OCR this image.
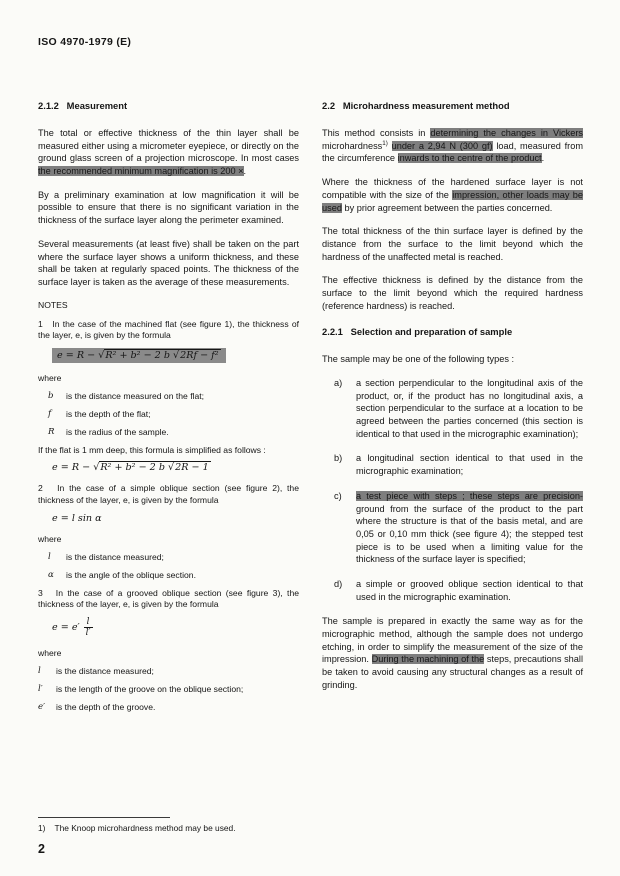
ISO 4970-1979 (E)
2.1.2   Measurement

The total or effective thickness of the thin layer shall be measured either using a micrometer eyepiece, or directly on the ground glass screen of a projection microscope. In most cases the recommended minimum magnification is 200 ×.

By a preliminary examination at low magnification it will be possible to ensure that there is no significant variation in the thickness of the surface layer along the perimeter examined.

Several measurements (at least five) shall be taken on the part where the surface layer shows a uniform thickness, and these shall be taken at regularly spaced points. The thickness of the surface layer is taken as the average of these measurements.

NOTES

1   In the case of the machined flat (see figure 1), the thickness of the layer, e, is given by the formula

e = R − √R² + b² − 2 b √2Rf − f²
where
b	is the distance measured on the flat;
f	is the depth of the flat;
R	is the radius of the sample.

If the flat is 1 mm deep, this formula is simplified as follows :

e = R − √R² + b² − 2 b √2R − 1

2   In the case of a simple oblique section (see figure 2), the thickness of the layer, e, is given by the formula

e = l sin α
where
l	is the distance measured;
α	is the angle of the oblique section.

3   In the case of a grooved oblique section (see figure 3), the thickness of the layer, e, is given by the formula

$e = e' \frac{l}{l'}$
where
l	is the distance measured;
l′	is the length of the groove on the oblique section;
e′	is the depth of the groove.
2.2   Microhardness measurement method

This method consists in determining the changes in Vickers microhardness$^{1)}$ under a 2,94 N (300 gf) load, measured from the circumference inwards to the centre of the product.

Where the thickness of the hardened surface layer is not compatible with the size of the impression, other loads may be used by prior agreement between the parties concerned.

The total thickness of the thin surface layer is defined by the distance from the surface to the limit beyond which the hardness of the unaffected metal is reached.

The effective thickness is defined by the distance from the surface to the limit beyond which the required hardness (reference hardness) is reached.

2.2.1   Selection and preparation of sample

The sample may be one of the following types :

a)	a section perpendicular to the longitudinal axis of the product, or, if the product has no longitudinal axis, a section perpendicular to the surface at a location to be agreed between the parties concerned (this section is identical to that used in the micrographic examination);
b)	a longitudinal section identical to that used in the micrographic examination;
c)	a test piece with steps ; these steps are precision-ground from the surface of the product to the part where the structure is that of the basis metal, and are 0,05 or 0,10 mm thick (see figure 4); the stepped test piece is to be used when a limiting value for the thickness of the surface layer is specified;
d)	a simple or grooved oblique section identical to that used in the micrographic examination.

The sample is prepared in exactly the same way as for the micrographic method, although the sample does not undergo etching, in order to simplify the measurement of the size of the impression. During the machining of the steps, precautions shall be taken to avoid causing any structural changes as a result of grinding.

1) The Knoop microhardness method may be used.
2
